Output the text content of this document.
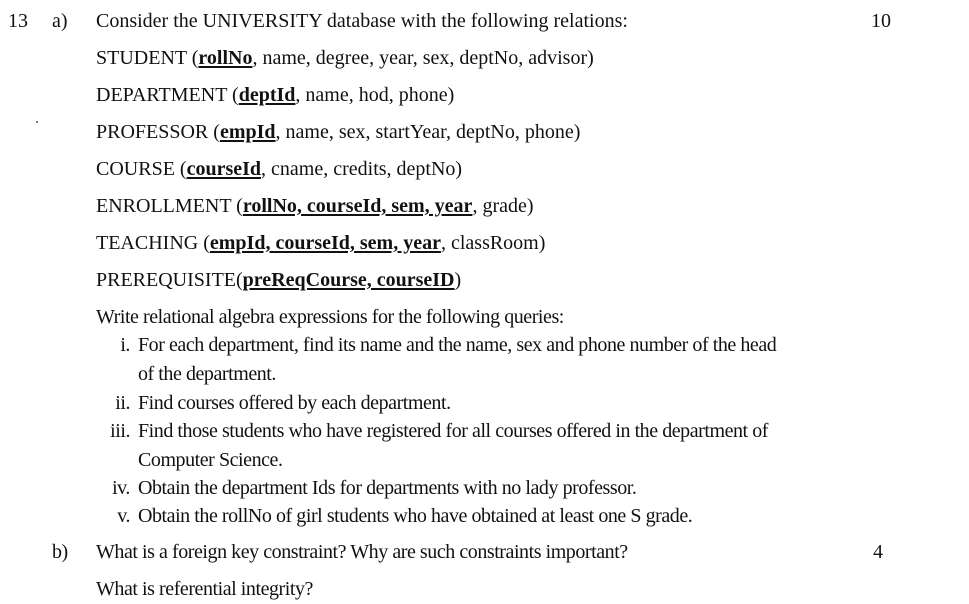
13 a) Consider the UNIVERSITY database with the following relations:	10
STUDENT (rollNo, name, degree, year, sex, deptNo, advisor)
DEPARTMENT (deptId, name, hod, phone)
PROFESSOR (empId, name, sex, startYear, deptNo, phone)
COURSE (courseId, cname, credits, deptNo)
ENROLLMENT (rollNo, courseId, sem, year, grade)
TEACHING (empId, courseId, sem, year, classRoom)
PREREQUISITE(preReqCourse, courseID)
Write relational algebra expressions for the following queries:
i. For each department, find its name and the name, sex and phone number of the head
of the department.
ii. Find courses offered by each department.
iii. Find those students who have registered for all courses offered in the department of
Computer Science.
iv. Obtain the department Ids for departments with no lady professor.
v. Obtain the rollNo of girl students who have obtained at least one S grade.
b) What is a foreign key constraint? Why are such constraints important?	4
What is referential integrity?
